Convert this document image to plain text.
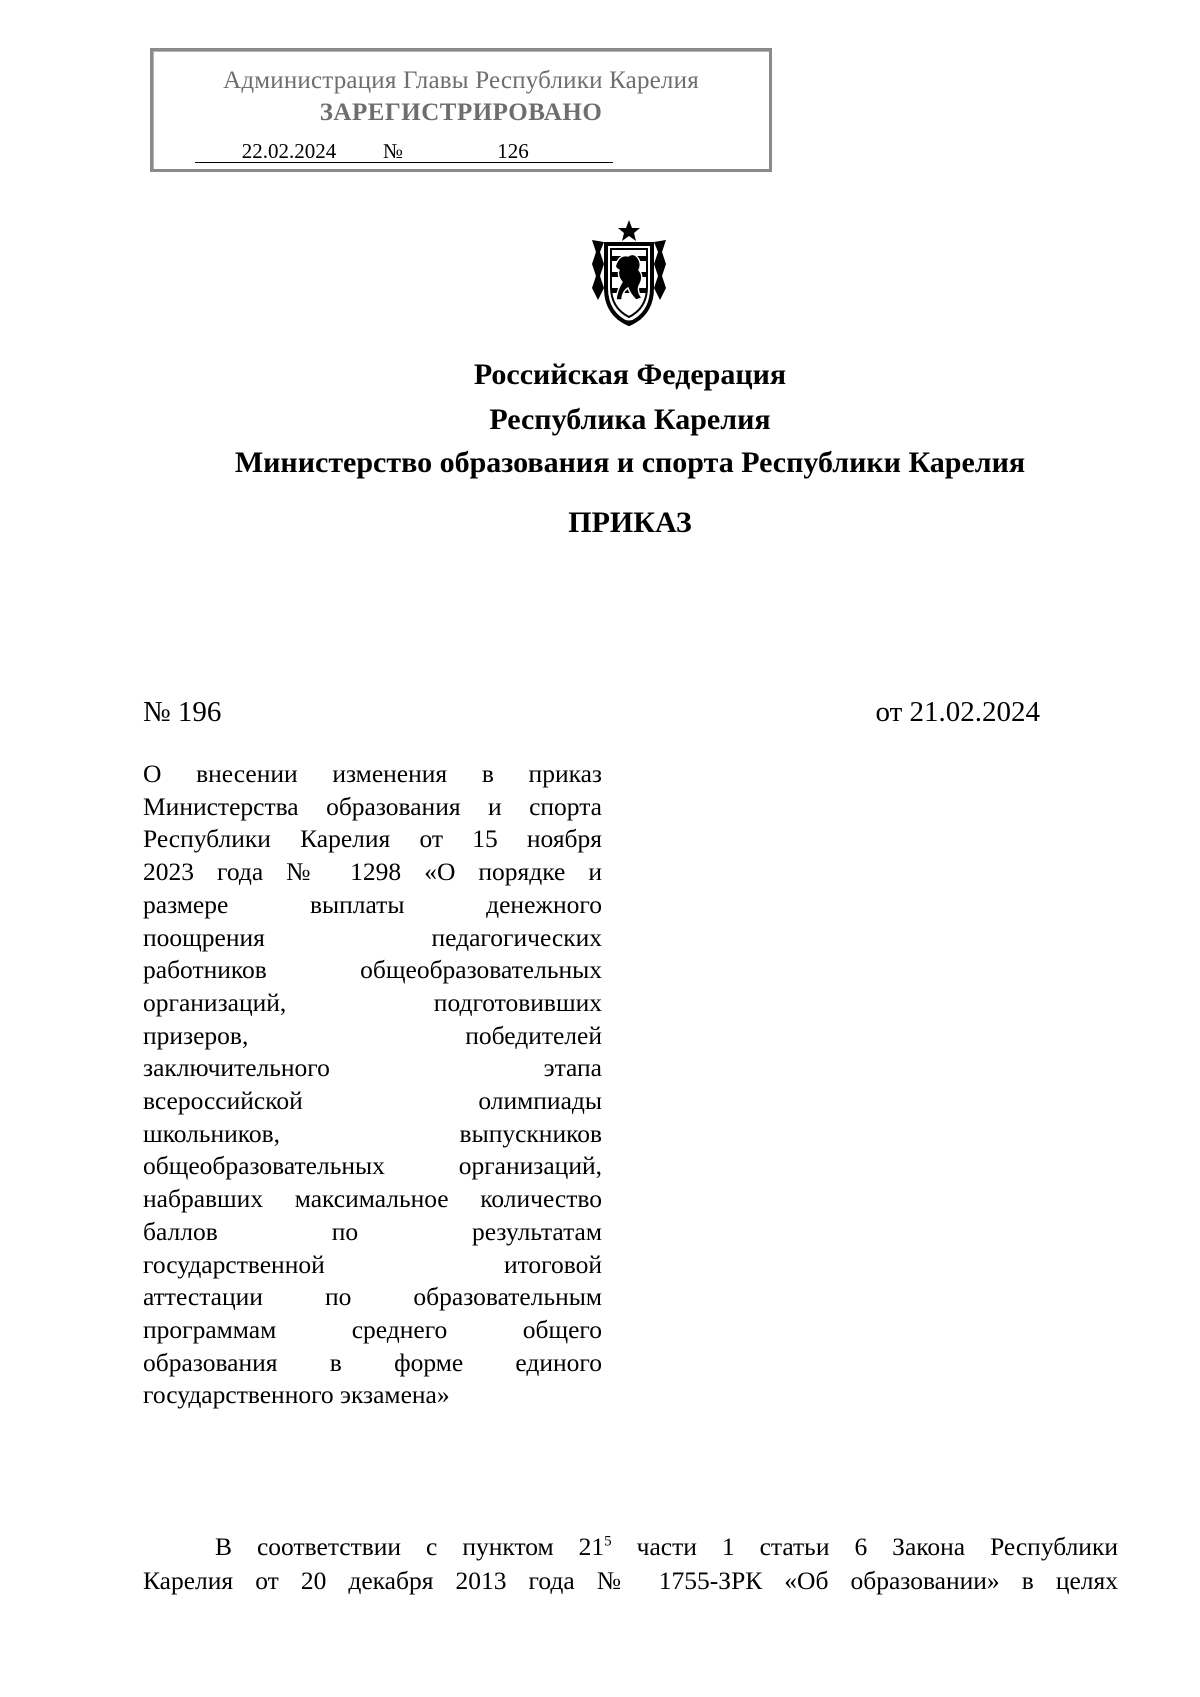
Администрация Главы Республики Карелия
ЗАРЕГИСТРИРОВАНО
22.02.2024 №	126
Российская Федерация
Республика Карелия
Министерство образования и спорта Республики Карелия
ПРИКАЗ
№ 196	от 21.02.2024
О внесении изменения в приказ
Министерства образования и спорта
Республики Карелия от 15 ноября
2023 года № 1298 «О порядке и
размере выплаты денежного
поощрения педагогических
работников общеобразовательных
организаций, подготовивших
призеров, победителей
заключительного этапа
всероссийской олимпиады
школьников, выпускников
общеобразовательных организаций,
набравших максимальное количество
баллов по результатам
государственной итоговой
аттестации по образовательным
программам среднего общего
образования в форме единого
государственного экзамена»
В соответствии с пунктом $21^5$ части 1 статьи 6 Закона Республики
Карелия от 20 декабря 2013 года № 1755-ЗРК «Об образовании» в целях
